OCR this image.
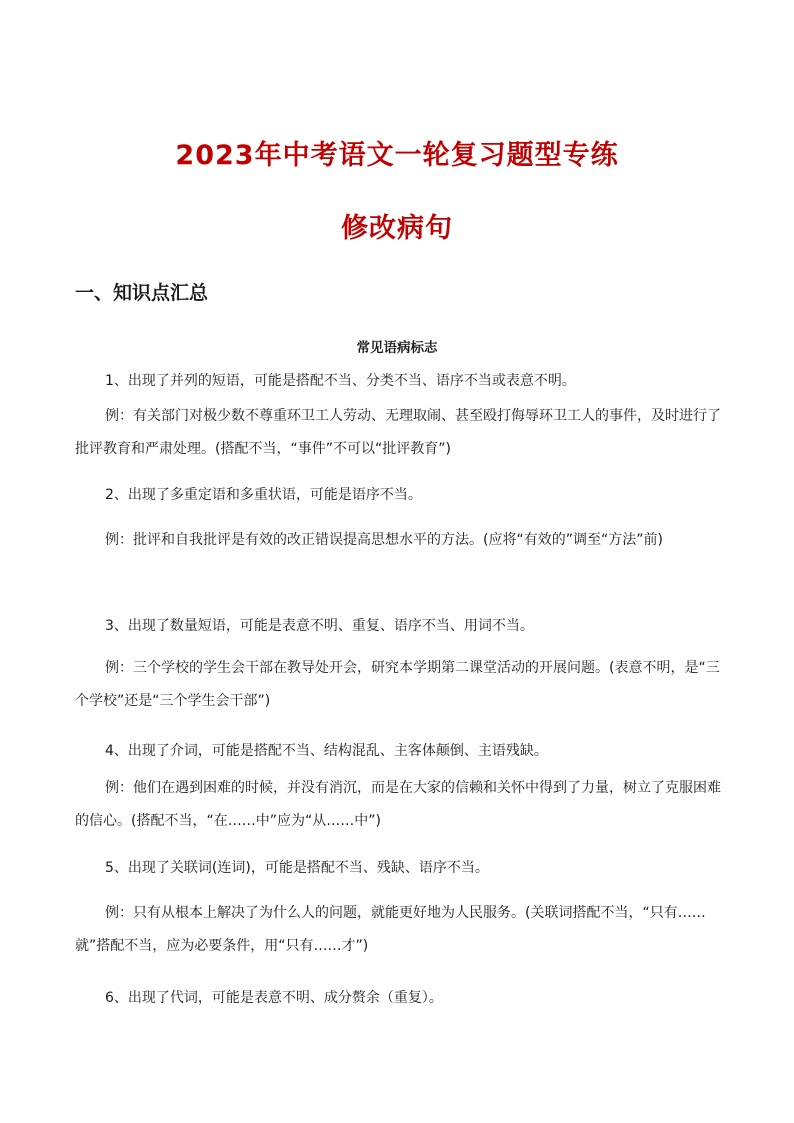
2023年中考语文一轮复习题型专练
修改病句
一、知识点汇总
常见语病标志
1、出现了并列的短语，可能是搭配不当、分类不当、语序不当或表意不明。
例：有关部门对极少数不尊重环卫工人劳动、无理取闹、甚至殴打侮辱环卫工人的事件，及时进行了批评教育和严肃处理。(搭配不当，“事件”不可以“批评教育”)
2、出现了多重定语和多重状语，可能是语序不当。
例：批评和自我批评是有效的改正错误提高思想水平的方法。(应将“有效的”调至“方法”前)
3、出现了数量短语，可能是表意不明、重复、语序不当、用词不当。
例：三个学校的学生会干部在教导处开会，研究本学期第二课堂活动的开展问题。(表意不明，是“三个学校”还是“三个学生会干部”)
4、出现了介词，可能是搭配不当、结构混乱、主客体颠倒、主语残缺。
例：他们在遇到困难的时候，并没有消沉，而是在大家的信赖和关怀中得到了力量，树立了克服困难的信心。(搭配不当，“在……中”应为“从……中”)
5、出现了关联词(连词)，可能是搭配不当、残缺、语序不当。
例：只有从根本上解决了为什么人的问题，就能更好地为人民服务。(关联词搭配不当，“只有……就”搭配不当，应为必要条件，用“只有……才”)
6、出现了代词，可能是表意不明、成分赘余（重复）。
